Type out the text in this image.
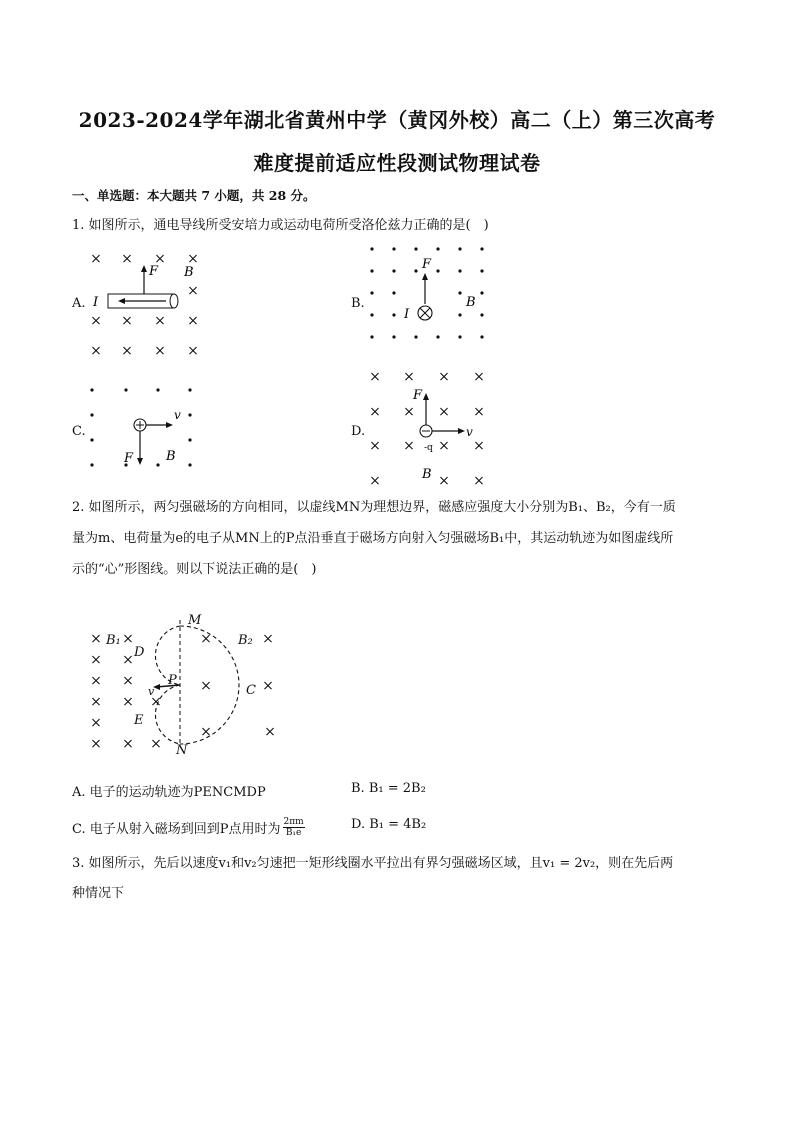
2023-2024学年湖北省黄州中学（黄冈外校）高二（上）第三次高考
难度提前适应性段测试物理试卷
一、单选题：本大题共 7 小题，共 28 分。
1. 如图所示，通电导线所受安培力或运动电荷所受洛伦兹力正确的是(　)
A.
× × × ×
×
× × × ×
× × × ×
F B
I	B.
F
B
I
C.
v
F	B
D.
× × × ×
× × × ×
× × × ×
×	× ×
F
v
-q
B
2. 如图所示，两匀强磁场的方向相同，以虚线MN为理想边界，磁感应强度大小分别为B₁、B₂，今有一质
量为m、电荷量为e的电子从MN上的P点沿垂直于磁场方向射入匀强磁场B₁中，其运动轨迹为如图虚线所
示的“心”形图线。则以下说法正确的是(　)
× ×
× ×
× ×
× × ×
×
× × ×
×	×
×	×
×	×
M
N
P
D
E
C
v
B₁	B₂
A. 电子的运动轨迹为PENCMDP	B. B₁ = 2B₂
C. 电子从射入磁场到回到P点用时为 $\frac{2\pi m}{\text{B₁e}}$	D. B₁ = 4B₂
3. 如图所示，先后以速度v₁和v₂匀速把一矩形线圈水平拉出有界匀强磁场区域，且v₁ = 2v₂，则在先后两
种情况下
